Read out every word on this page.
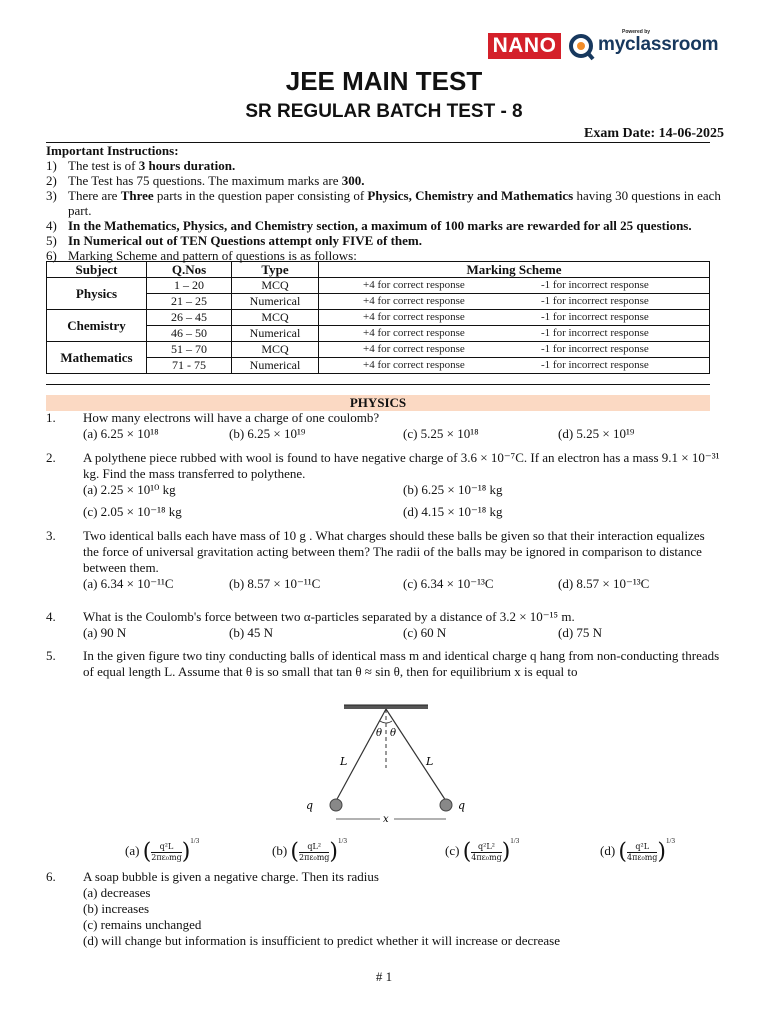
NANO
Powered by
myclassroom
JEE MAIN TEST
SR REGULAR BATCH TEST - 8
Exam Date: 14-06-2025
Important Instructions:
1) The test is of 3 hours duration.
2) The Test has 75 questions. The maximum marks are 300.
3) There are Three parts in the question paper consisting of Physics, Chemistry and Mathematics having 30 questions in each part.
4) In the Mathematics, Physics, and Chemistry section, a maximum of 100 marks are rewarded for all 25 questions.
5) In Numerical out of TEN Questions attempt only FIVE of them.
6) Marking Scheme and pattern of questions is as follows:
Subject	Q.Nos	Type	Marking Scheme
Physics	1 – 20	MCQ	+4 for correct response -1 for incorrect response

	21 – 25	Numerical	+4 for correct response -1 for incorrect response

Chemistry	26 – 45	MCQ	+4 for correct response -1 for incorrect response

	46 – 50	Numerical	+4 for correct response -1 for incorrect response

Mathematics	51 – 70	MCQ	+4 for correct response -1 for incorrect response

	71 - 75	Numerical	+4 for correct response -1 for incorrect response
PHYSICS
1. How many electrons will have a charge of one coulomb?
(a) 6.25 × 10¹⁸	(b) 6.25 × 10¹⁹	(c) 5.25 × 10¹⁸	(d) 5.25 × 10¹⁹
2. A polythene piece rubbed with wool is found to have negative charge of 3.6 × 10⁻⁷C. If an electron has a mass 9.1 × 10⁻³¹ kg. Find the mass transferred to polythene.
(a) 2.25 × 10¹⁰ kg	(b) 6.25 × 10⁻¹⁸ kg
(c) 2.05 × 10⁻¹⁸ kg	(d) 4.15 × 10⁻¹⁸ kg
3. Two identical balls each have mass of 10 g . What charges should these balls be given so that their interaction equalizes the force of universal gravitation acting between them? The radii of the balls may be ignored in comparison to distance between them.
(a) 6.34 × 10⁻¹¹C	(b) 8.57 × 10⁻¹¹C	(c) 6.34 × 10⁻¹³C	(d) 8.57 × 10⁻¹³C
4. What is the Coulomb's force between two α-particles separated by a distance of 3.2 × 10⁻¹⁵ m.
(a) 90 N	(b) 45 N	(c) 60 N	(d) 75 N
5. In the given figure two tiny conducting balls of identical mass m and identical charge q hang from non-conducting threads of equal length L. Assume that θ is so small that tan θ ≈ sin θ, then for equilibrium x is equal to
θ θ
L	L
q	q
x
(a) ( $\frac{\text{q²L}}{\text{2πε₀mg}} )1/3$
(b) ( $\frac{\text{qL²}}{\text{2πε₀mg}} )1/3$
(c) ( $\frac{\text{q²L²}}{\text{4πε₀mg}} )1/3$
(d) ( $\frac{\text{q²L}}{\text{4πε₀mg}} )1/3$
6. A soap bubble is given a negative charge. Then its radius
(a) decreases
(b) increases
(c) remains unchanged
(d) will change but information is insufficient to predict whether it will increase or decrease
# 1
